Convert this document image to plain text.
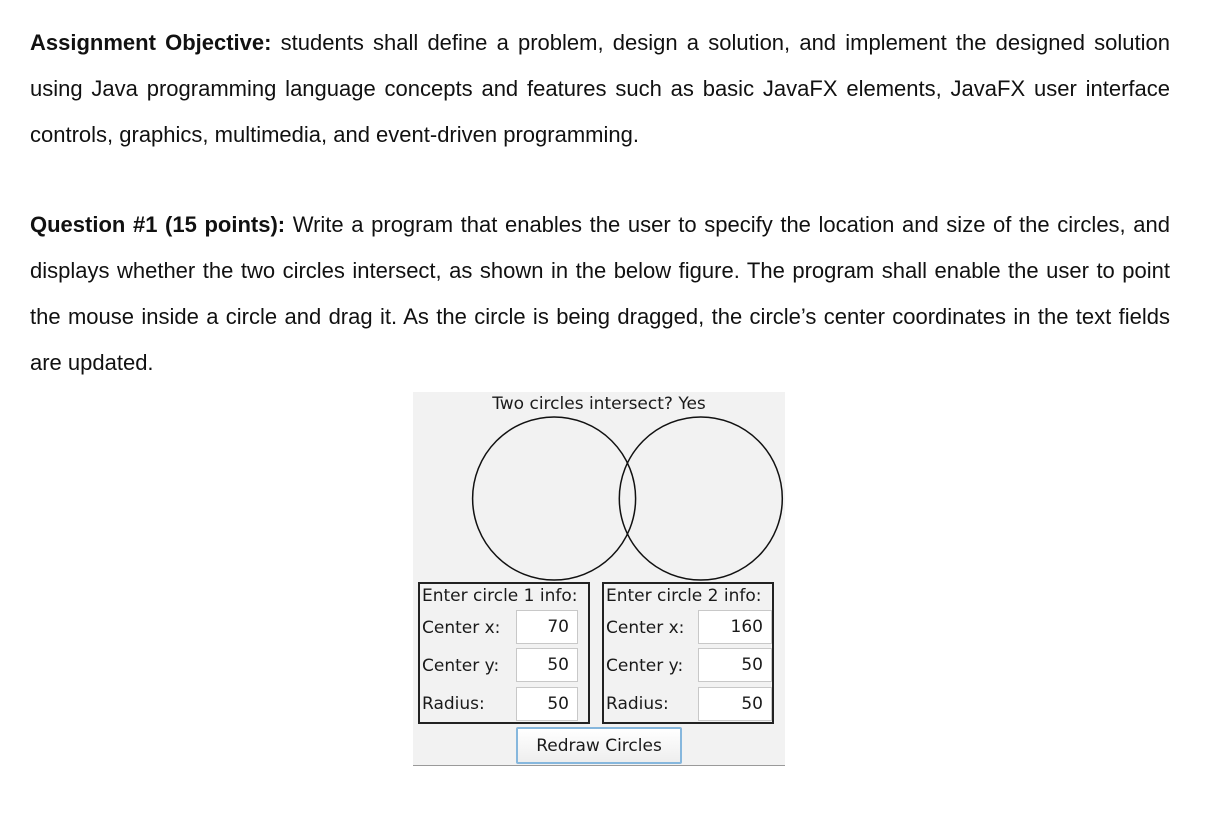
Assignment Objective: students shall define a problem, design a solution, and implement the designed solution using Java programming language concepts and features such as basic JavaFX elements, JavaFX user interface controls, graphics, multimedia, and event-driven programming.
Question #1 (15 points): Write a program that enables the user to specify the location and size of the circles, and displays whether the two circles intersect, as shown in the below figure. The program shall enable the user to point the mouse inside a circle and drag it. As the circle is being dragged, the circle’s center coordinates in the text fields are updated.
Two circles intersect? Yes
Enter circle 1 info:
Center x:
70
Center y:
50
Radius:
50
Enter circle 2 info:
Center x:
160
Center y:
50
Radius:
50
Redraw Circles
